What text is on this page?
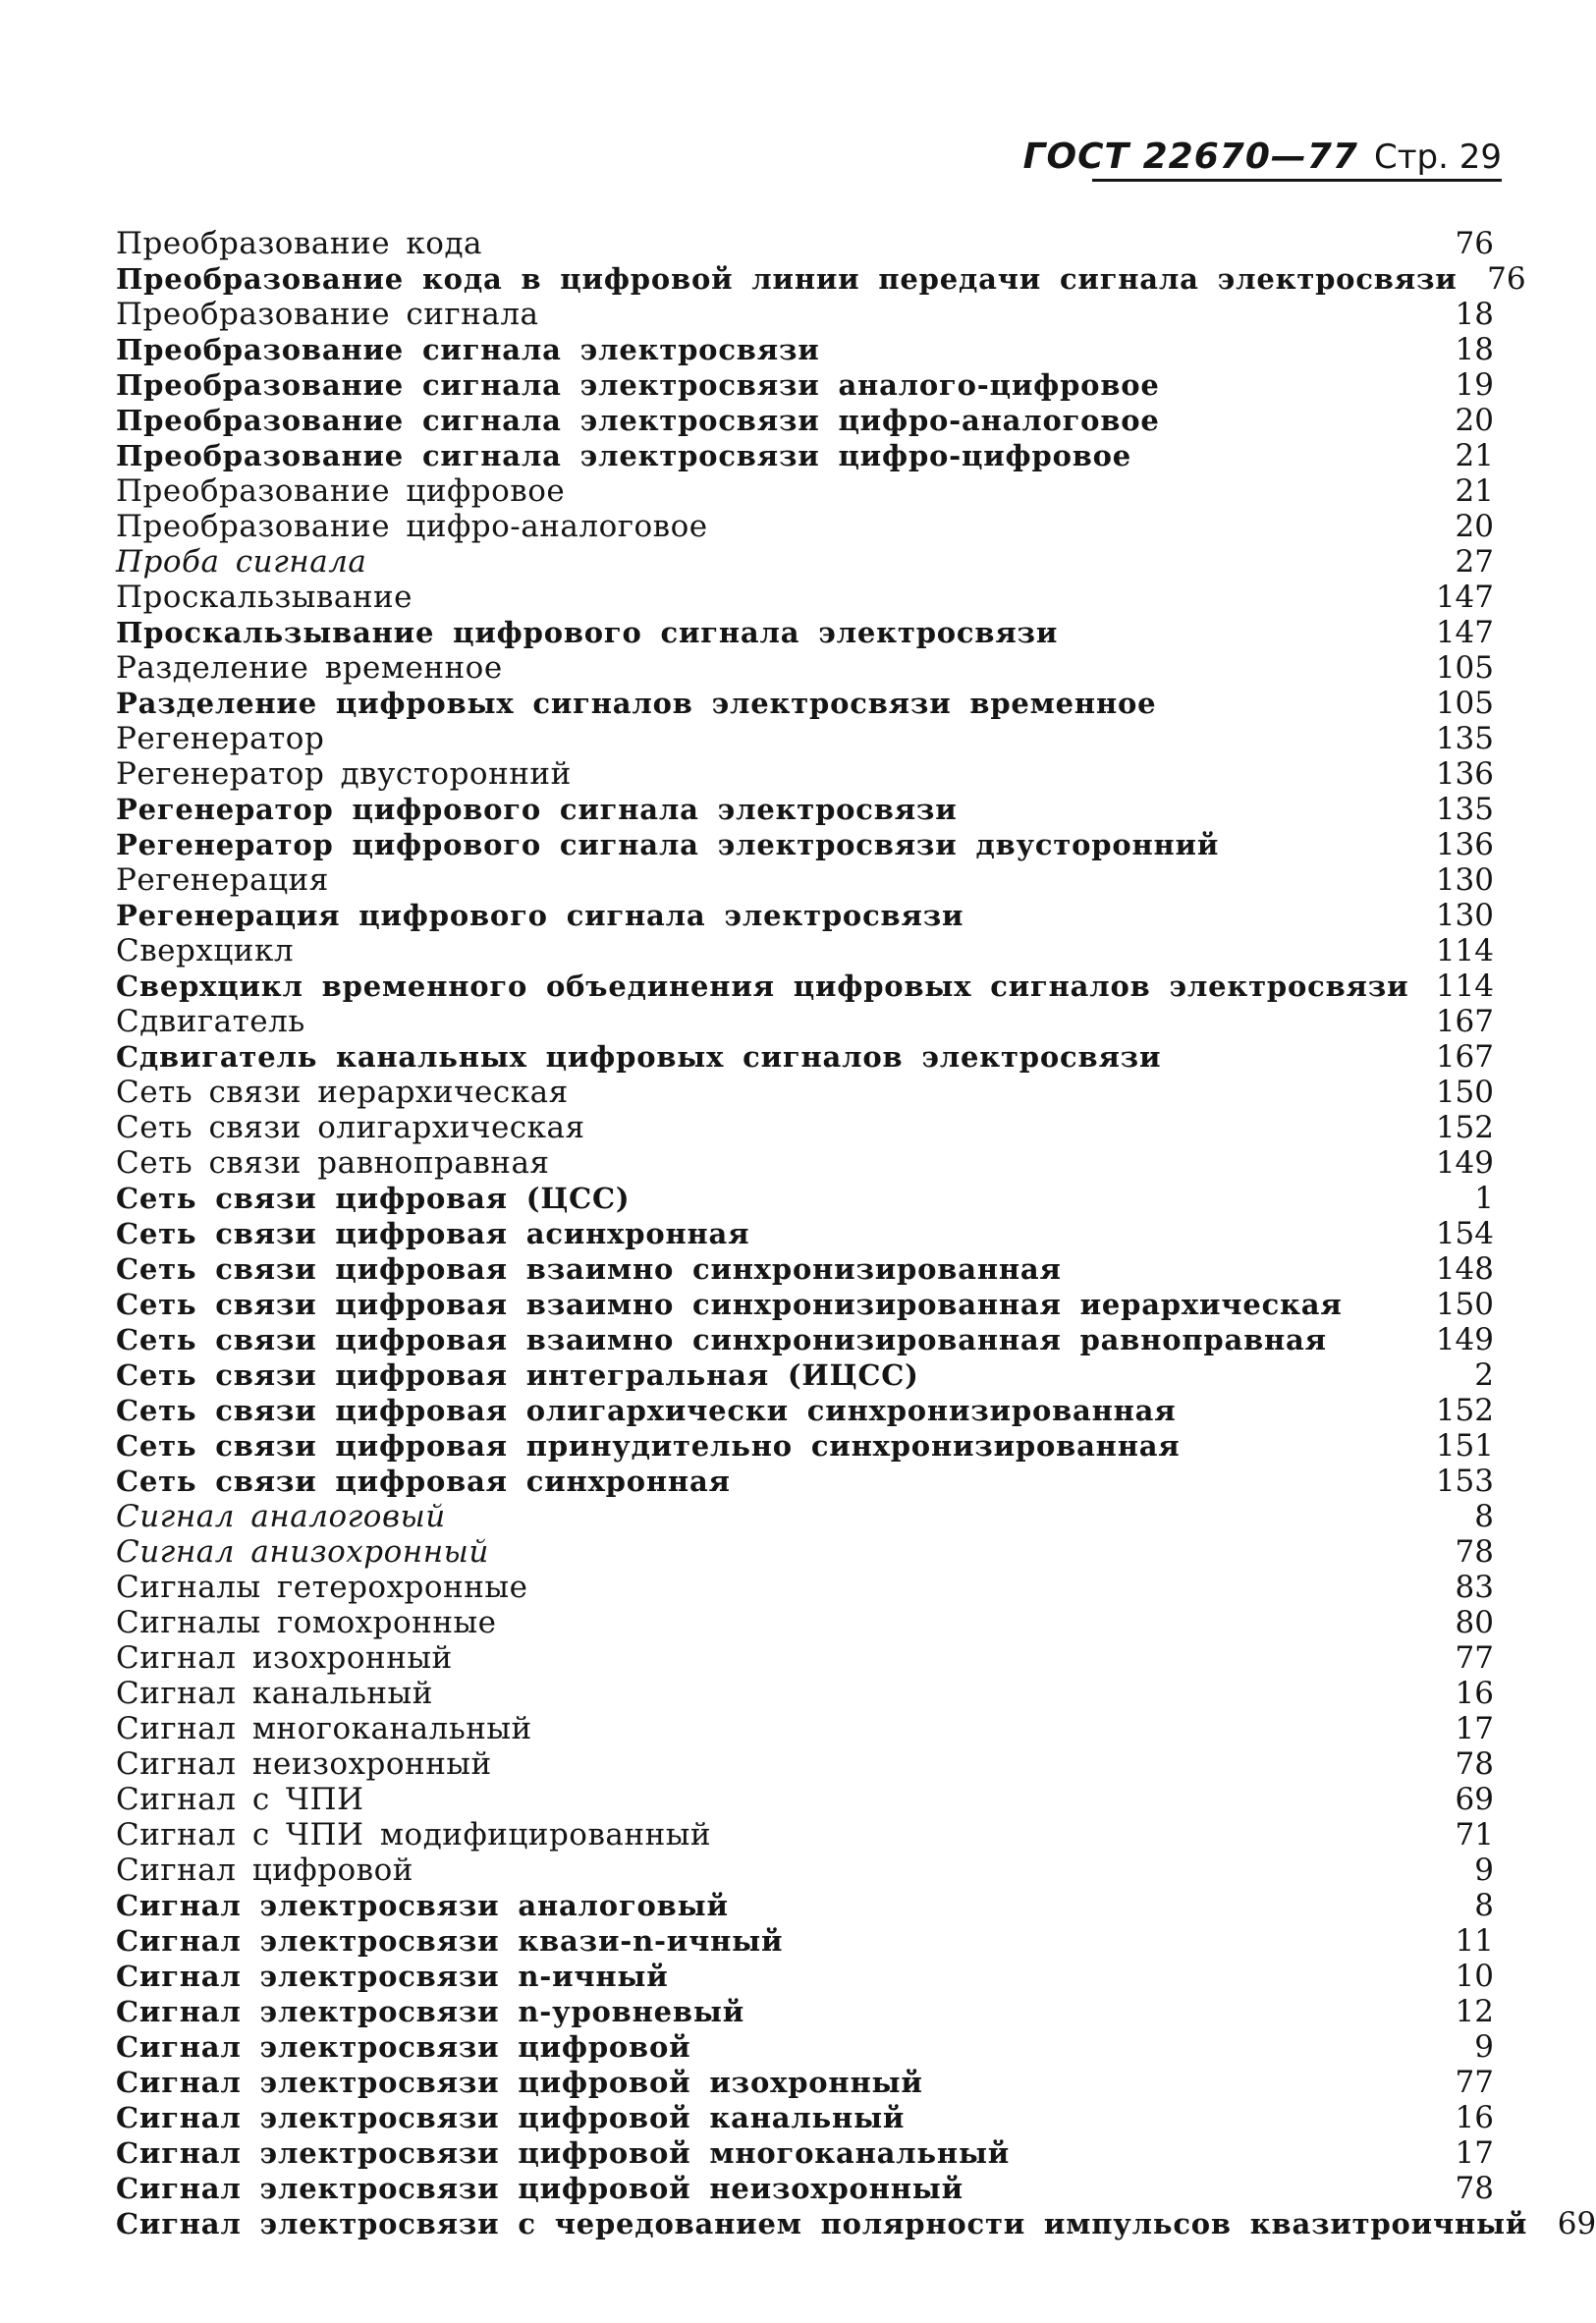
ГОСТ 22670—77 Стр. 29
Преобразование кода	76
Преобразование кода в цифровой линии передачи сигнала электросвязи 76
Преобразование сигнала	18
Преобразование сигнала электросвязи	18
Преобразование сигнала электросвязи аналого-цифровое	19
Преобразование сигнала электросвязи цифро-аналоговое	20
Преобразование сигнала электросвязи цифро-цифровое	21
Преобразование цифровое	21
Преобразование цифро-аналоговое	20
Проба сигнала	27
Проскальзывание	147
Проскальзывание цифрового сигнала электросвязи	147
Разделение временное	105
Разделение цифровых сигналов электросвязи временное	105
Регенератор	135
Регенератор двусторонний	136
Регенератор цифрового сигнала электросвязи	135
Регенератор цифрового сигнала электросвязи двусторонний	136
Регенерация	130
Регенерация цифрового сигнала электросвязи	130
Сверхцикл	114
Сверхцикл временного объединения цифровых сигналов электросвязи 114
Сдвигатель	167
Сдвигатель канальных цифровых сигналов электросвязи	167
Сеть связи иерархическая	150
Сеть связи олигархическая	152
Сеть связи равноправная	149
Сеть связи цифровая (ЦСС)	1
Сеть связи цифровая асинхронная	154
Сеть связи цифровая взаимно синхронизированная	148
Сеть связи цифровая взаимно синхронизированная иерархическая	150
Сеть связи цифровая взаимно синхронизированная равноправная	149
Сеть связи цифровая интегральная (ИЦСС)	2
Сеть связи цифровая олигархически синхронизированная	152
Сеть связи цифровая принудительно синхронизированная	151
Сеть связи цифровая синхронная	153
Сигнал аналоговый	8
Сигнал анизохронный	78
Сигналы гетерохронные	83
Сигналы гомохронные	80
Сигнал изохронный	77
Сигнал канальный	16
Сигнал многоканальный	17
Сигнал неизохронный	78
Сигнал с ЧПИ	69
Сигнал с ЧПИ модифицированный	71
Сигнал цифровой	9
Сигнал электросвязи аналоговый	8
Сигнал электросвязи квази-n-ичный	11
Сигнал электросвязи n-ичный	10
Сигнал электросвязи n-уровневый	12
Сигнал электросвязи цифровой	9
Сигнал электросвязи цифровой изохронный	77
Сигнал электросвязи цифровой канальный	16
Сигнал электросвязи цифровой многоканальный	17
Сигнал электросвязи цифровой неизохронный	78
Сигнал электросвязи с чередованием полярности импульсов квазитроичный 69
